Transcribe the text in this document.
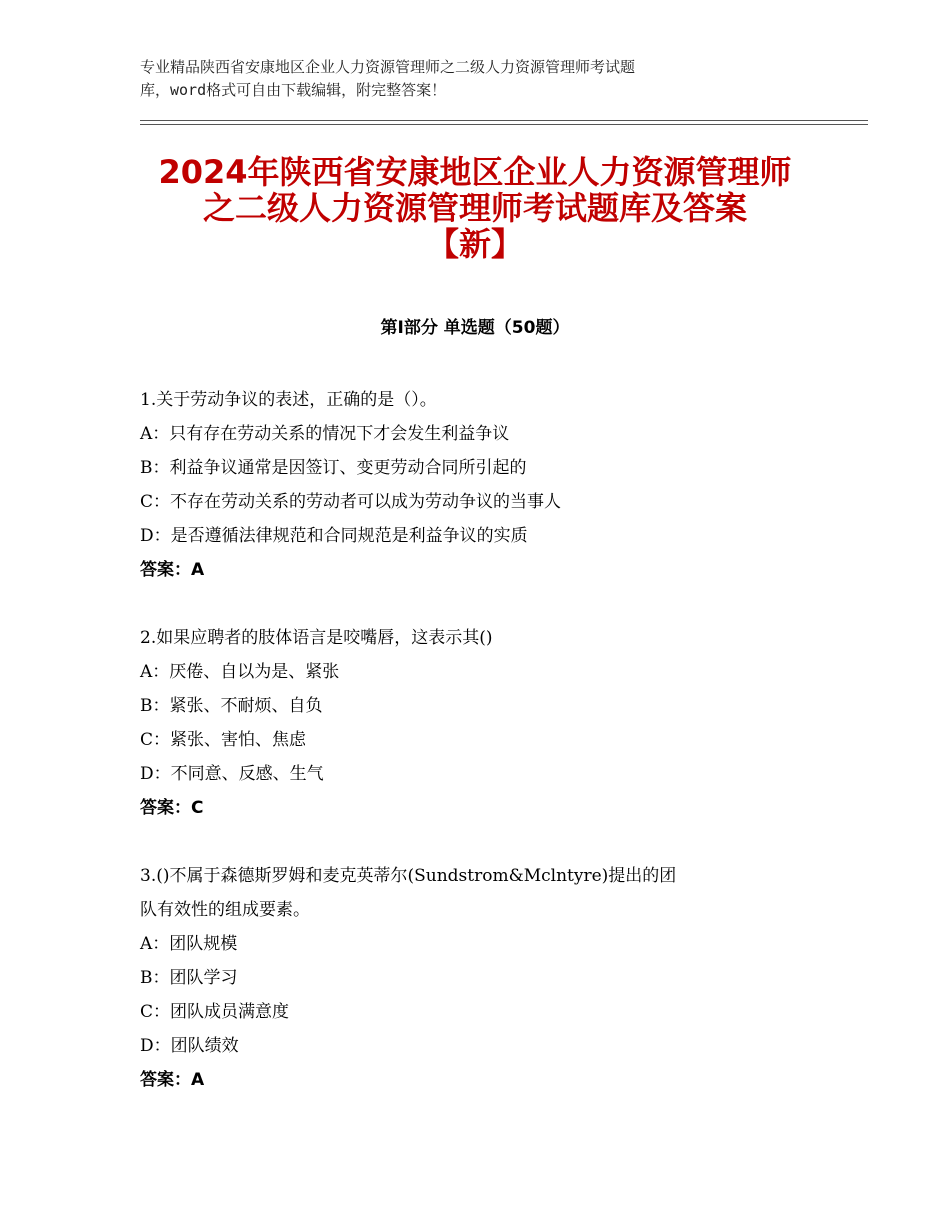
专业精品陕西省安康地区企业人力资源管理师之二级人力资源管理师考试题
库，word格式可自由下载编辑，附完整答案！
2024年陕西省安康地区企业人力资源管理师
之二级人力资源管理师考试题库及答案
【新】
第Ⅰ部分 单选题（50题）
1.关于劳动争议的表述，正确的是（）。
A：只有存在劳动关系的情况下才会发生利益争议
B：利益争议通常是因签订、变更劳动合同所引起的
C：不存在劳动关系的劳动者可以成为劳动争议的当事人
D：是否遵循法律规范和合同规范是利益争议的实质
答案：A
2.如果应聘者的肢体语言是咬嘴唇，这表示其()
A：厌倦、自以为是、紧张
B：紧张、不耐烦、自负
C：紧张、害怕、焦虑
D：不同意、反感、生气
答案：C
3.()不属于森德斯罗姆和麦克英蒂尔(Sundstrom&Mclntyre)提出的团
队有效性的组成要素。
A：团队规模
B：团队学习
C：团队成员满意度
D：团队绩效
答案：A
